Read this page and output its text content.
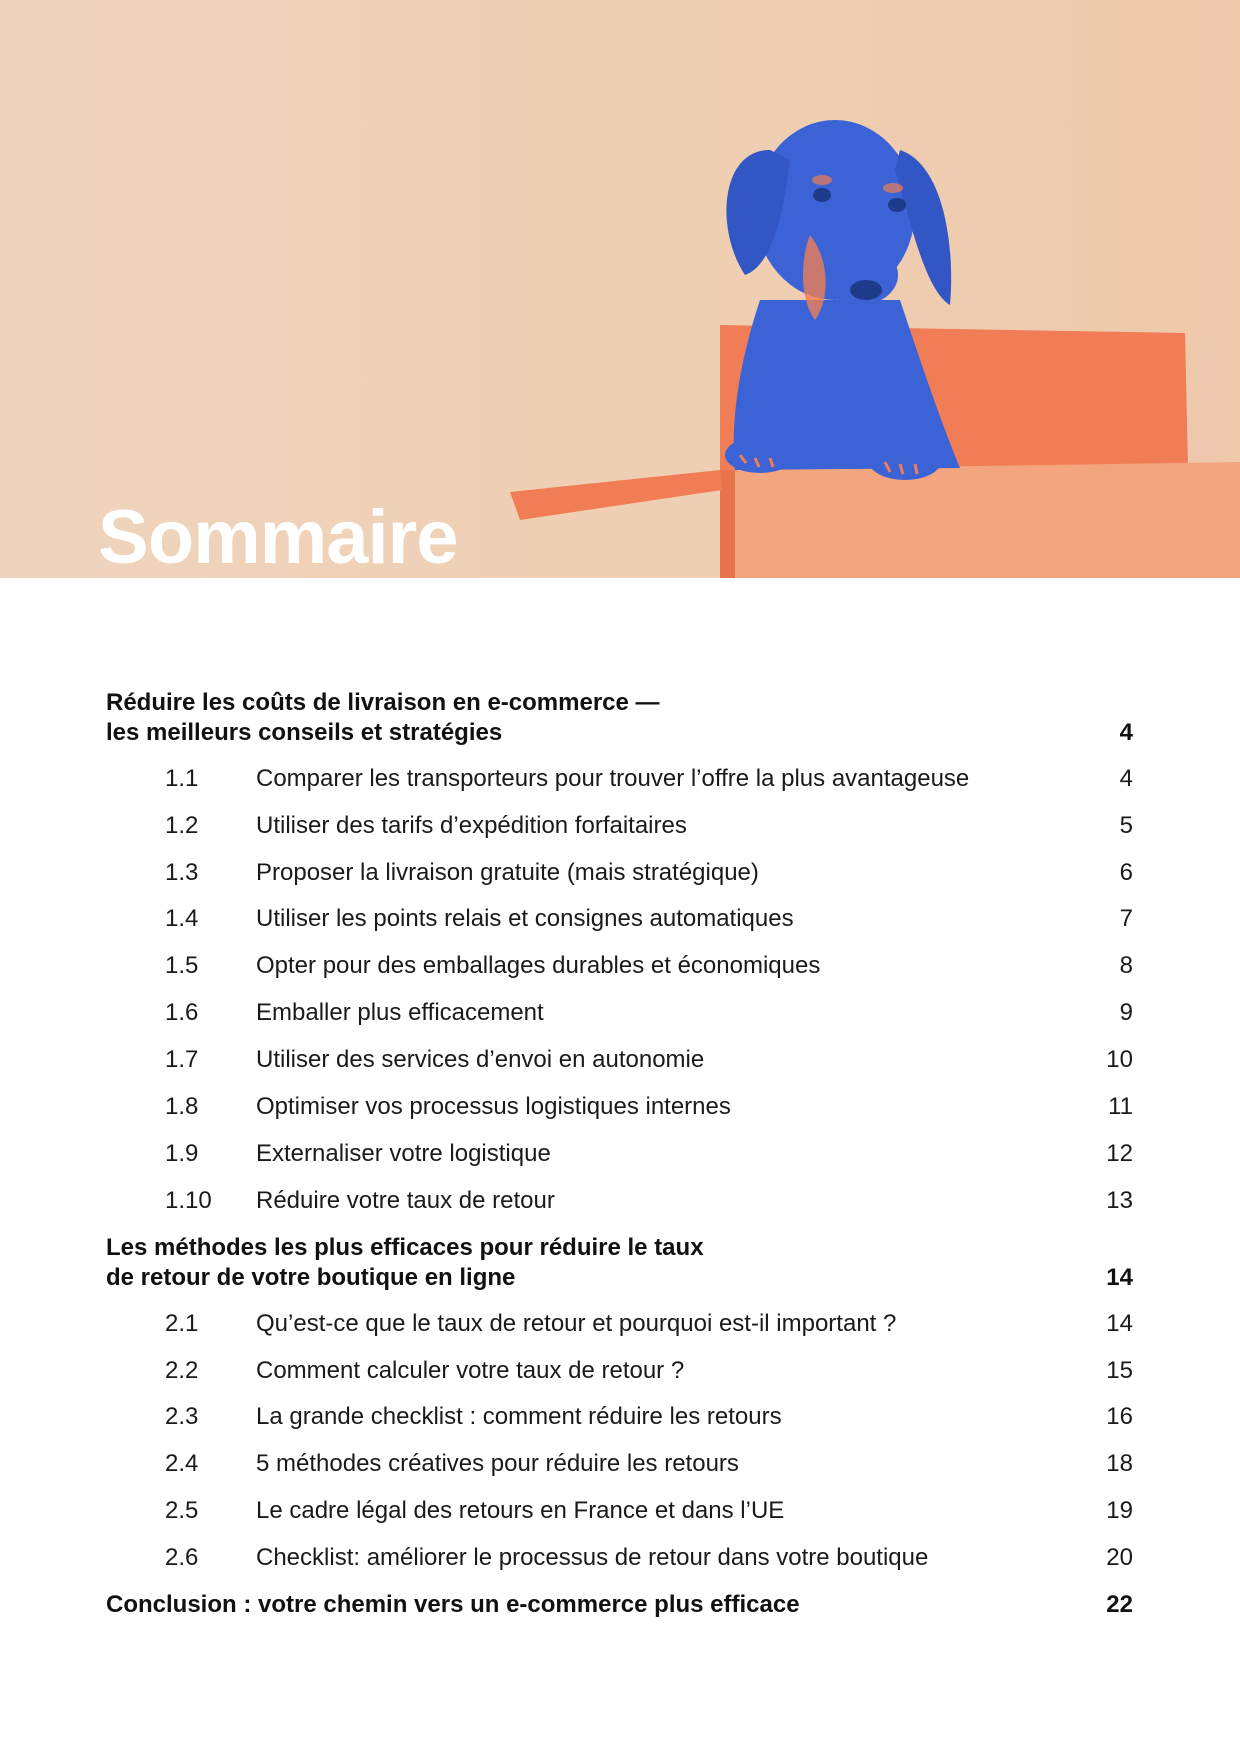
Sommaire
Réduire les coûts de livraison en e-commerce —
les meilleurs conseils et stratégies	4
1.1 Comparer les transporteurs pour trouver l’offre la plus avantageuse	4
1.2 Utiliser des tarifs d’expédition forfaitaires	5
1.3 Proposer la livraison gratuite (mais stratégique)	6
1.4 Utiliser les points relais et consignes automatiques	7
1.5 Opter pour des emballages durables et économiques	8
1.6 Emballer plus efficacement	9
1.7 Utiliser des services d’envoi en autonomie	10
1.8 Optimiser vos processus logistiques internes	11
1.9 Externaliser votre logistique	12
1.10 Réduire votre taux de retour	13
Les méthodes les plus efficaces pour réduire le taux
de retour de votre boutique en ligne	14
2.1 Qu’est-ce que le taux de retour et pourquoi est-il important ?	14
2.2 Comment calculer votre taux de retour ?	15
2.3 La grande checklist : comment réduire les retours	16
2.4 5 méthodes créatives pour réduire les retours	18
2.5 Le cadre légal des retours en France et dans l’UE	19
2.6 Checklist: améliorer le processus de retour dans votre boutique	20
Conclusion : votre chemin vers un e-commerce plus efficace	22
